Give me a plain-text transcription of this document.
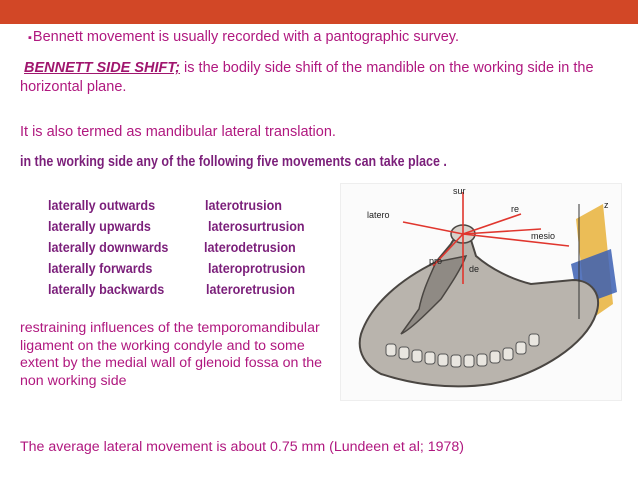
▪Bennett movement is usually recorded with a pantographic survey.
BENNETT SIDE SHIFT; is the bodily side shift of the mandible on the working side in the horizontal plane.
It is also termed as mandibular lateral translation.
in the working side any of the following five movements can take place .
laterally outwards	laterotrusion
laterally upwards	laterosurtrusion
laterally downwards	laterodetrusion
laterally forwards	lateroprotrusion
laterally backwards	lateroretrusion
restraining influences of the temporomandibular ligament on the working condyle and to some extent by the medial wall of glenoid fossa on the non working side
The average lateral movement is about 0.75 mm (Lundeen et al; 1978)
sur
latero
re
mesio
z
pro
de
